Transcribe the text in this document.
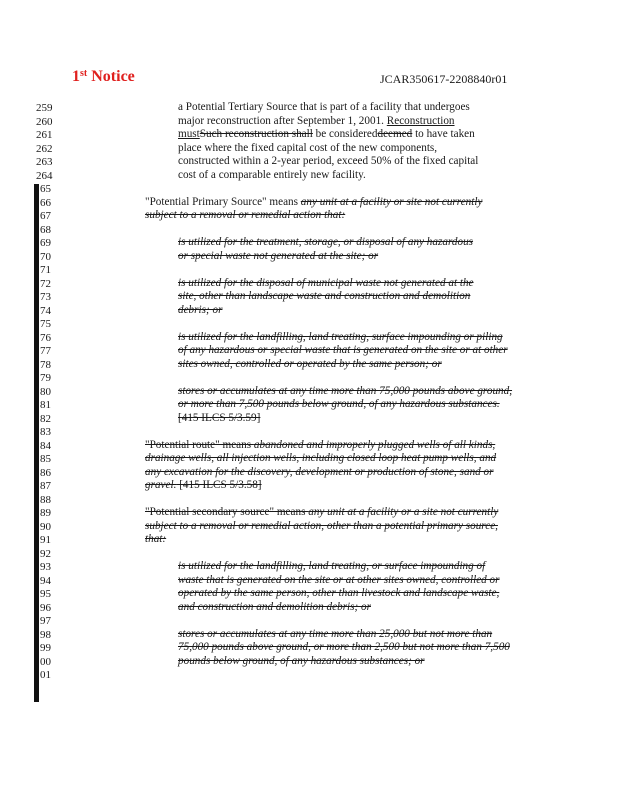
1st Notice	JCAR350617-2208840r01
259
260
261
262
263
264
65
66
67
68
69
70
71
72
73
74
75
76
77
78
79
80
81
82
83
84
85
86
87
88
89
90
91
92
93
94
95
96
97
98
99
00
01
a Potential Tertiary Source that is part of a facility that undergoes
major reconstruction after September 1, 2001. Reconstruction
mustSuch reconstruction shall be considereddeemed to have taken
place where the fixed capital cost of the new components,
constructed within a 2-year period, exceed 50% of the fixed capital
cost of a comparable entirely new facility.
"Potential Primary Source" means any unit at a facility or site not currently
subject to a removal or remedial action that:
is utilized for the treatment, storage, or disposal of any hazardous
or special waste not generated at the site; or
is utilized for the disposal of municipal waste not generated at the
site, other than landscape waste and construction and demolition
debris; or
is utilized for the landfilling, land treating, surface impounding or piling
of any hazardous or special waste that is generated on the site or at other
sites owned, controlled or operated by the same person; or
stores or accumulates at any time more than 75,000 pounds above ground,
or more than 7,500 pounds below ground, of any hazardous substances.
[415 ILCS 5/3.59]
"Potential route" means abandoned and improperly plugged wells of all kinds,
drainage wells, all injection wells, including closed loop heat pump wells, and
any excavation for the discovery, development or production of stone, sand or
gravel. [415 ILCS 5/3.58]
"Potential secondary source" means any unit at a facility or a site not currently
subject to a removal or remedial action, other than a potential primary source,
that:
is utilized for the landfilling, land treating, or surface impounding of
waste that is generated on the site or at other sites owned, controlled or
operated by the same person, other than livestock and landscape waste,
and construction and demolition debris; or
stores or accumulates at any time more than 25,000 but not more than
75,000 pounds above ground, or more than 2,500 but not more than 7,500
pounds below ground, of any hazardous substances; or
